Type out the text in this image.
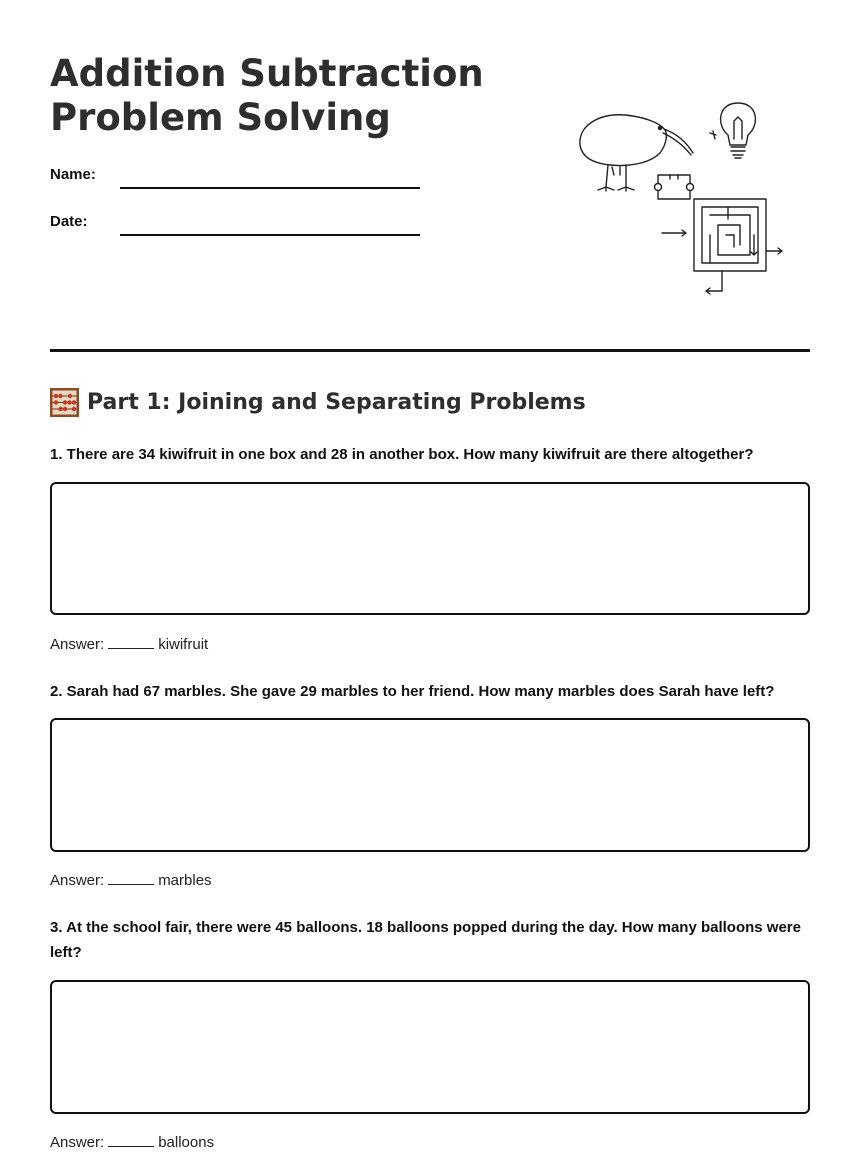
Addition Subtraction
Problem Solving
Name:
Date:
Part 1: Joining and Separating Problems
1. There are 34 kiwifruit in one box and 28 in another box. How many kiwifruit are there altogether?
Answer:	kiwifruit
2. Sarah had 67 marbles. She gave 29 marbles to her friend. How many marbles does Sarah have left?
Answer:	marbles
3. At the school fair, there were 45 balloons. 18 balloons popped during the day. How many balloons were left?
Answer:	balloons
